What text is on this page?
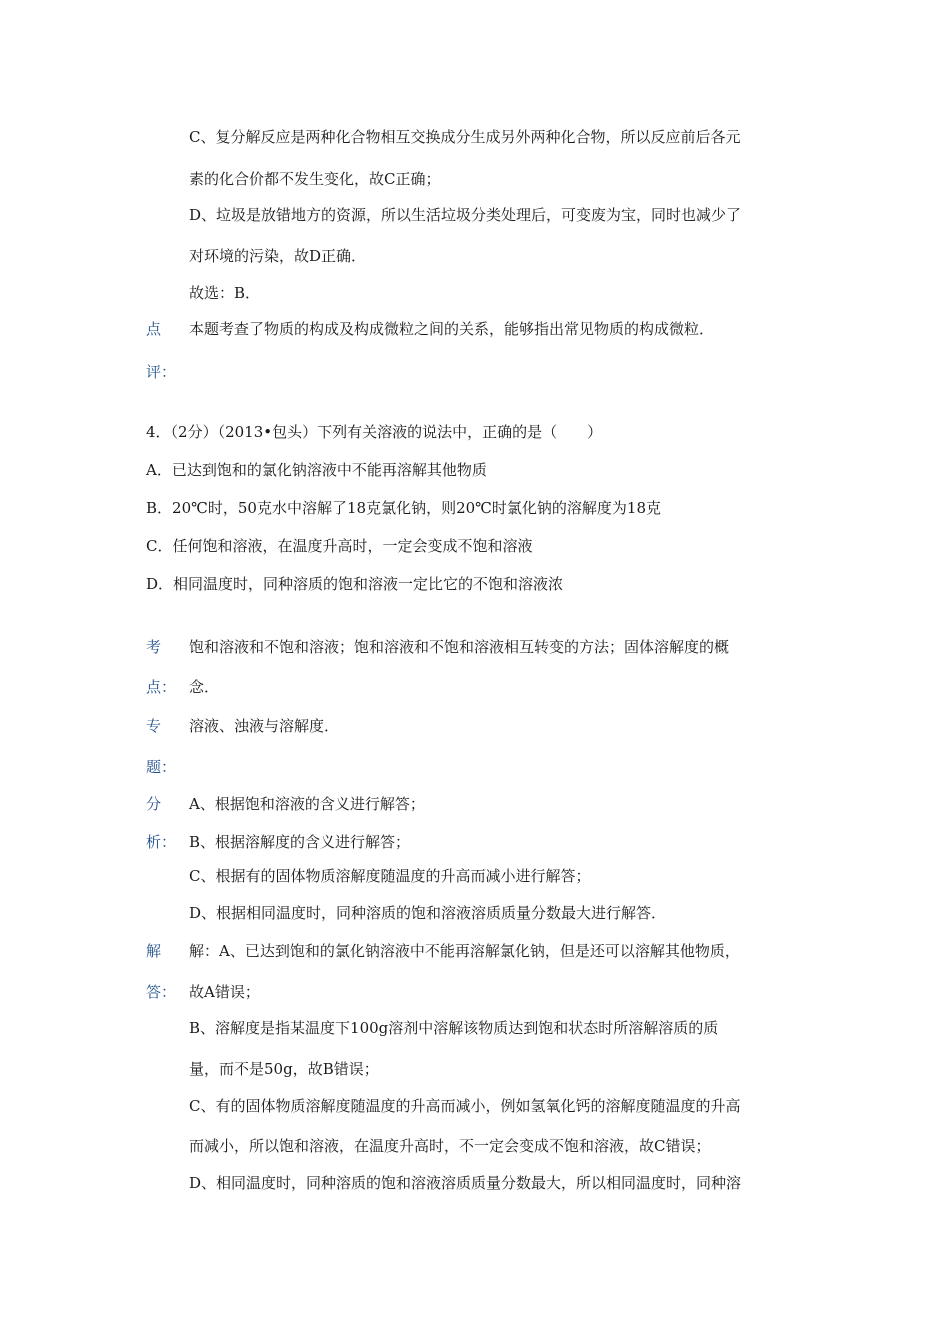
C、复分解反应是两种化合物相互交换成分生成另外两种化合物，所以反应前后各元
素的化合价都不发生变化，故C正确；
D、垃圾是放错地方的资源，所以生活垃圾分类处理后，可变废为宝，同时也减少了
对环境的污染，故D正确．
故选：B．
点 本题考查了物质的构成及构成微粒之间的关系，能够指出常见物质的构成微粒．
评：
4．（2分）（2013•包头）下列有关溶液的说法中，正确的是（　　）
A．已达到饱和的氯化钠溶液中不能再溶解其他物质
B．20℃时，50克水中溶解了18克氯化钠，则20℃时氯化钠的溶解度为18克
C．任何饱和溶液，在温度升高时，一定会变成不饱和溶液
D．相同温度时，同种溶质的饱和溶液一定比它的不饱和溶液浓
考 饱和溶液和不饱和溶液；饱和溶液和不饱和溶液相互转变的方法；固体溶解度的概
点： 念．
专 溶液、浊液与溶解度．
题：
分 A、根据饱和溶液的含义进行解答；
析： B、根据溶解度的含义进行解答；
C、根据有的固体物质溶解度随温度的升高而减小进行解答；
D、根据相同温度时，同种溶质的饱和溶液溶质质量分数最大进行解答．
解 解：A、已达到饱和的氯化钠溶液中不能再溶解氯化钠，但是还可以溶解其他物质，
答： 故A错误；
B、溶解度是指某温度下100g溶剂中溶解该物质达到饱和状态时所溶解溶质的质
量，而不是50g，故B错误；
C、有的固体物质溶解度随温度的升高而减小，例如氢氧化钙的溶解度随温度的升高
而减小，所以饱和溶液，在温度升高时，不一定会变成不饱和溶液，故C错误；
D、相同温度时，同种溶质的饱和溶液溶质质量分数最大，所以相同温度时，同种溶
